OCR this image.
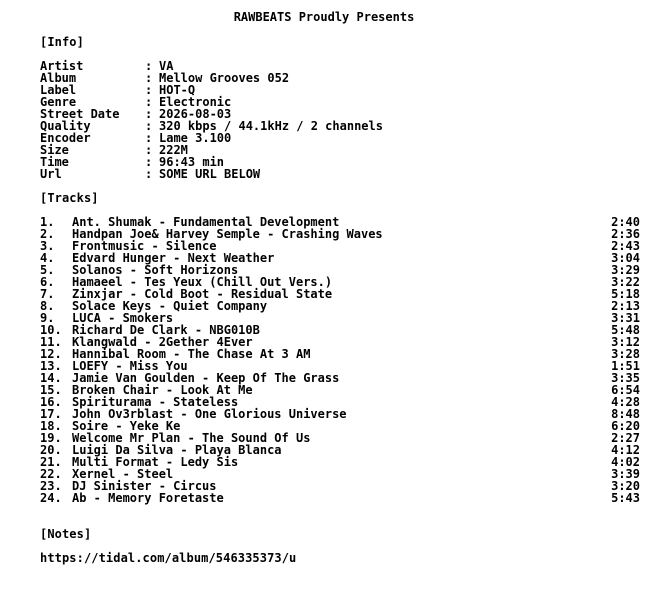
RAWBEATS Proudly Presents
[Info]
Artist	: VA
Album	: Mellow Grooves 052
Label	: HOT-Q
Genre	: Electronic
Street Date : 2026-08-03
Quality	: 320 kbps / 44.1kHz / 2 channels
Encoder	: Lame 3.100
Size	: 222M
Time	: 96:43 min
Url	: SOME URL BELOW
[Tracks]
1. Ant. Shumak - Fundamental Development	2:40
2. Handpan Joe& Harvey Semple - Crashing Waves	2:36
3. Frontmusic - Silence	2:43
4. Edvard Hunger - Next Weather	3:04
5. Solanos - Soft Horizons	3:29
6. Hamaeel - Tes Yeux (Chill Out Vers.)	3:22
7. Zinxjar - Cold Boot - Residual State	5:18
8. Solace Keys - Quiet Company	2:13
9. LUCA - Smokers	3:31
10. Richard De Clark - NBG010B	5:48
11. Klangwald - 2Gether 4Ever	3:12
12. Hannibal Room - The Chase At 3 AM	3:28
13. LOEFY - Miss You	1:51
14. Jamie Van Goulden - Keep Of The Grass	3:35
15. Broken Chair - Look At Me	6:54
16. Spiriturama - Stateless	4:28
17. John Ov3rblast - One Glorious Universe	8:48
18. Soire - Yeke Ke	6:20
19. Welcome Mr Plan - The Sound Of Us	2:27
20. Luigi Da Silva - Playa Blanca	4:12
21. Multi Format - Ledy Sis	4:02
22. Xernel - Steel	3:39
23. DJ Sinister - Circus	3:20
24. Ab - Memory Foretaste	5:43
[Notes]
https://tidal.com/album/546335373/u
